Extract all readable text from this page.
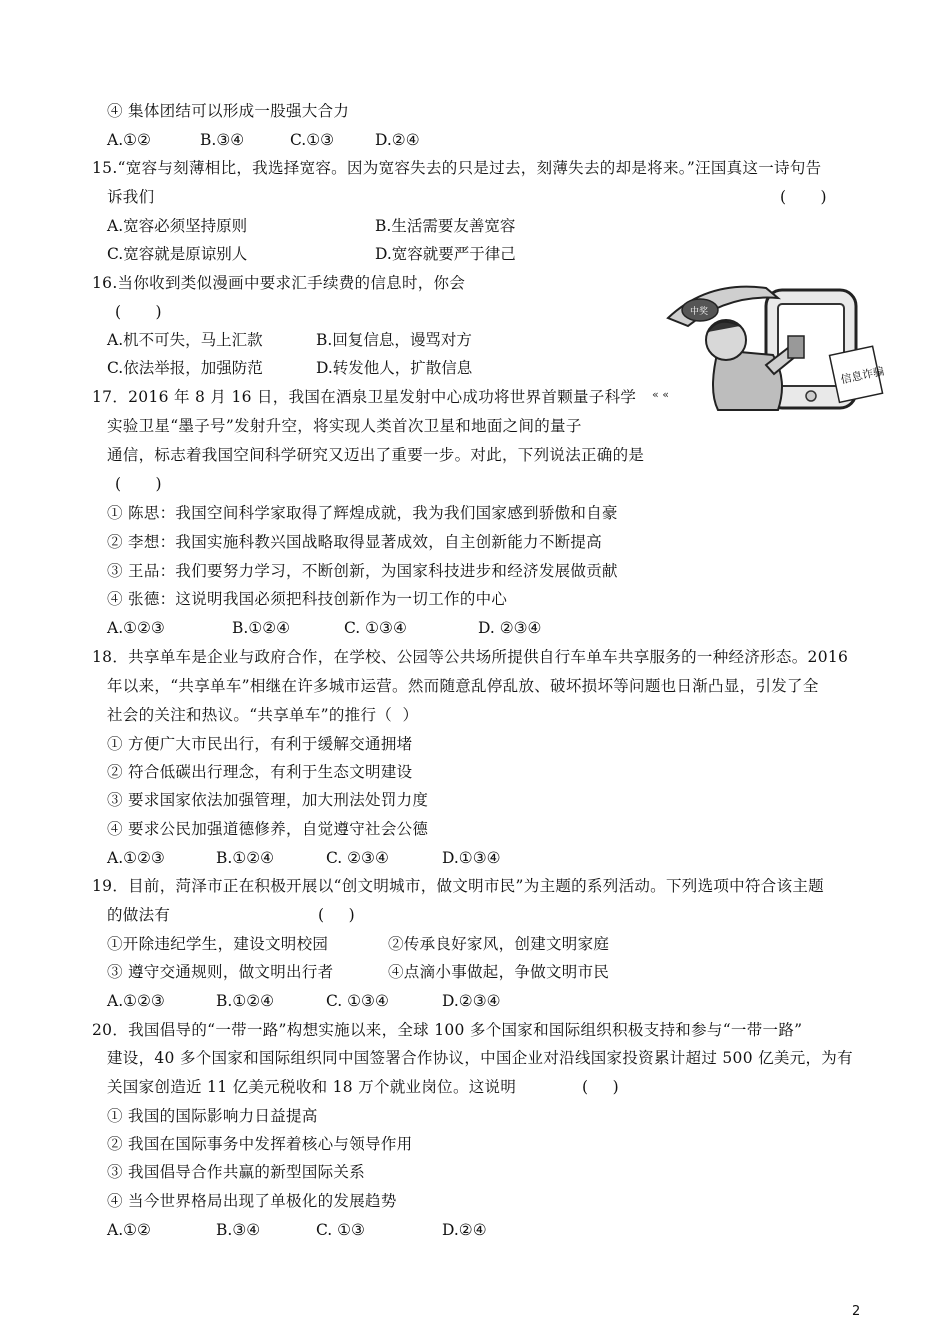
④ 集体团结可以形成一股强大合力
A.①②	B.③④	C.①③	D.②④
15.“宽容与刻薄相比，我选择宽容。因为宽容失去的只是过去，刻薄失去的却是将来。”汪国真这一诗句告
诉我们	(       )
A.宽容必须坚持原则	B.生活需要友善宽容
C.宽容就是原谅别人	D.宽容就要严于律己
16.当你收到类似漫画中要求汇手续费的信息时，你会
(       )
A.机不可失，马上汇款	B.回复信息，谩骂对方
C.依法举报，加强防范	D.转发他人，扩散信息
中奖
« «
信息诈骗
17．2016 年 8 月 16 日，我国在酒泉卫星发射中心成功将世界首颗量子科学
实验卫星“墨子号”发射升空，将实现人类首次卫星和地面之间的量子
通信，标志着我国空间科学研究又迈出了重要一步。对此，下列说法正确的是
(       )
① 陈思：我国空间科学家取得了辉煌成就，我为我们国家感到骄傲和自豪
② 李想：我国实施科教兴国战略取得显著成效，自主创新能力不断提高
③ 王品：我们要努力学习，不断创新，为国家科技进步和经济发展做贡献
④ 张德：这说明我国必须把科技创新作为一切工作的中心
A.①②③	B.①②④	C. ①③④	D. ②③④
18．共享单车是企业与政府合作，在学校、公园等公共场所提供自行车单车共享服务的一种经济形态。2016
年以来，“共享单车”相继在许多城市运营。然而随意乱停乱放、破坏损坏等问题也日渐凸显，引发了全
社会的关注和热议。“共享单车”的推行（  ）
① 方便广大市民出行，有利于缓解交通拥堵
② 符合低碳出行理念，有利于生态文明建设
③ 要求国家依法加强管理，加大刑法处罚力度
④ 要求公民加强道德修养，自觉遵守社会公德
A.①②③	B.①②④	C. ②③④	D.①③④
19．目前，菏泽市正在积极开展以“创文明城市，做文明市民”为主题的系列活动。下列选项中符合该主题
的做法有	(     )
①开除违纪学生，建设文明校园	②传承良好家风，创建文明家庭
③ 遵守交通规则，做文明出行者	④点滴小事做起，争做文明市民
A.①②③	B.①②④	C. ①③④	D.②③④
20．我国倡导的“一带一路”构想实施以来，全球 100 多个国家和国际组织积极支持和参与“一带一路”
建设，40 多个国家和国际组织同中国签署合作协议，中国企业对沿线国家投资累计超过 500 亿美元，为有
关国家创造近 11 亿美元税收和 18 万个就业岗位。这说明	(     )
① 我国的国际影响力日益提高
② 我国在国际事务中发挥着核心与领导作用
③ 我国倡导合作共赢的新型国际关系
④ 当今世界格局出现了单极化的发展趋势
A.①②	B.③④	C. ①③	D.②④
2
